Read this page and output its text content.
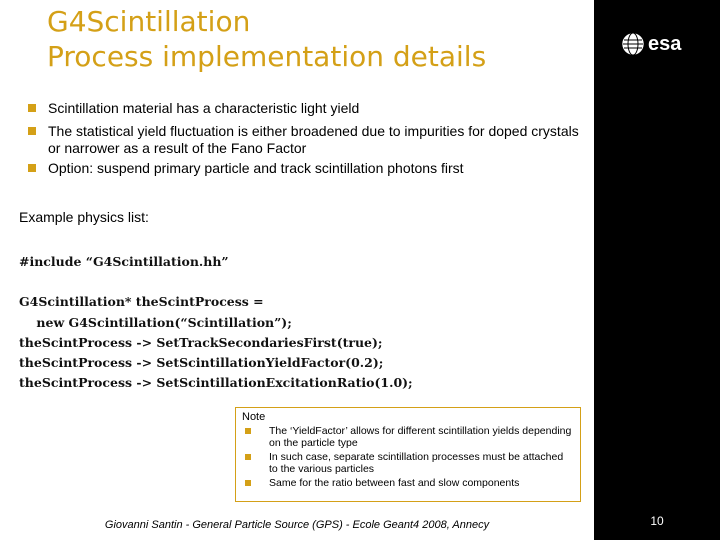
G4Scintillation
Process implementation details	esa
Scintillation material has a characteristic light yield
The statistical yield fluctuation is either broadened due to impurities for doped crystals or narrower as a result of the Fano Factor
Option: suspend primary particle and track scintillation photons first
Example physics list:
#include “G4Scintillation.hh”
G4Scintillation* theScintProcess =
new G4Scintillation(“Scintillation”);
theScintProcess -> SetTrackSecondariesFirst(true);
theScintProcess -> SetScintillationYieldFactor(0.2);
theScintProcess -> SetScintillationExcitationRatio(1.0);
Note
The ‘YieldFactor’ allows for different scintillation yields depending on the particle type
In such case, separate scintillation processes must be attached to the various particles
Same for the ratio between fast and slow components
Giovanni Santin - General Particle Source (GPS) - Ecole Geant4 2008, Annecy	10
